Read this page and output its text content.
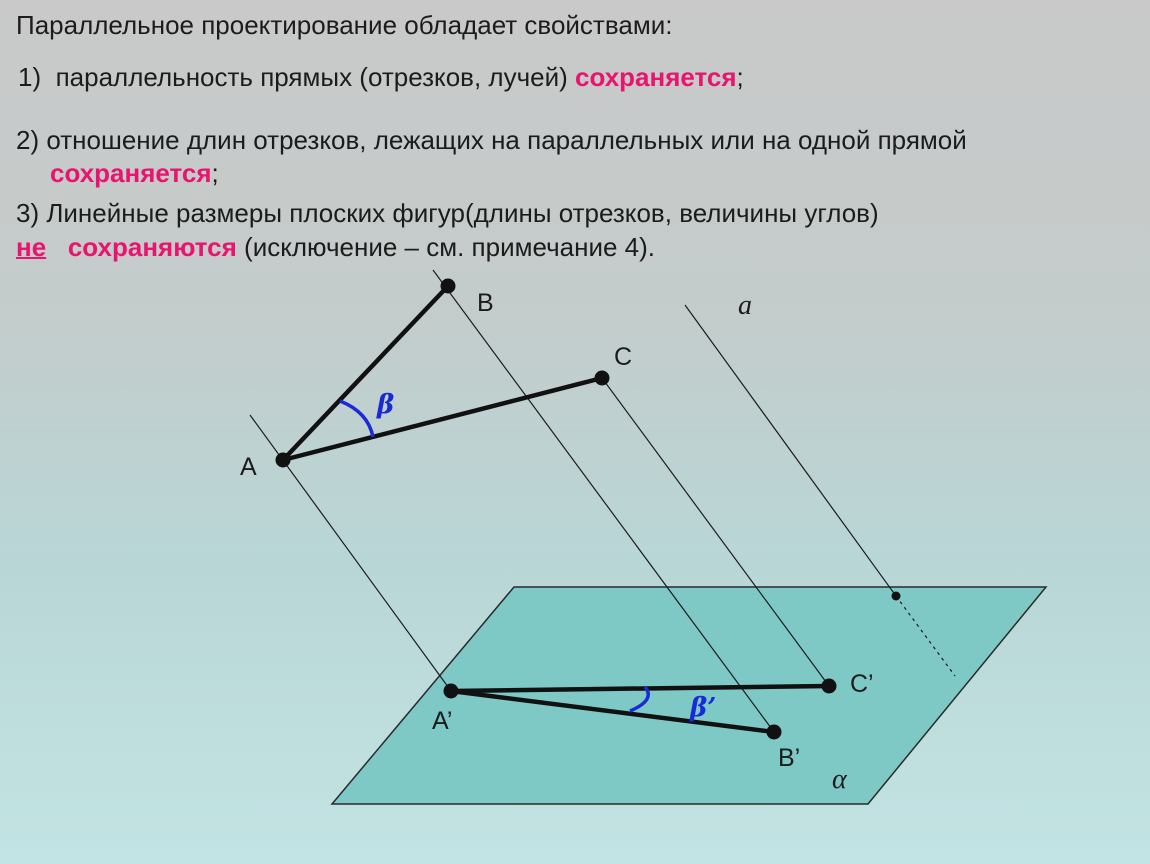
Параллельное проектирование обладает свойствами:
1) параллельность прямых (отрезков, лучей) сохраняется;
2) отношение длин отрезков, лежащих на параллельных или на одной прямой
сохраняется;
3) Линейные размеры плоских фигур(длины отрезков, величины углов)
не сохраняются (исключение – см. примечание 4).
β
A
B
C
a
β’
A’
B’
C’
α
